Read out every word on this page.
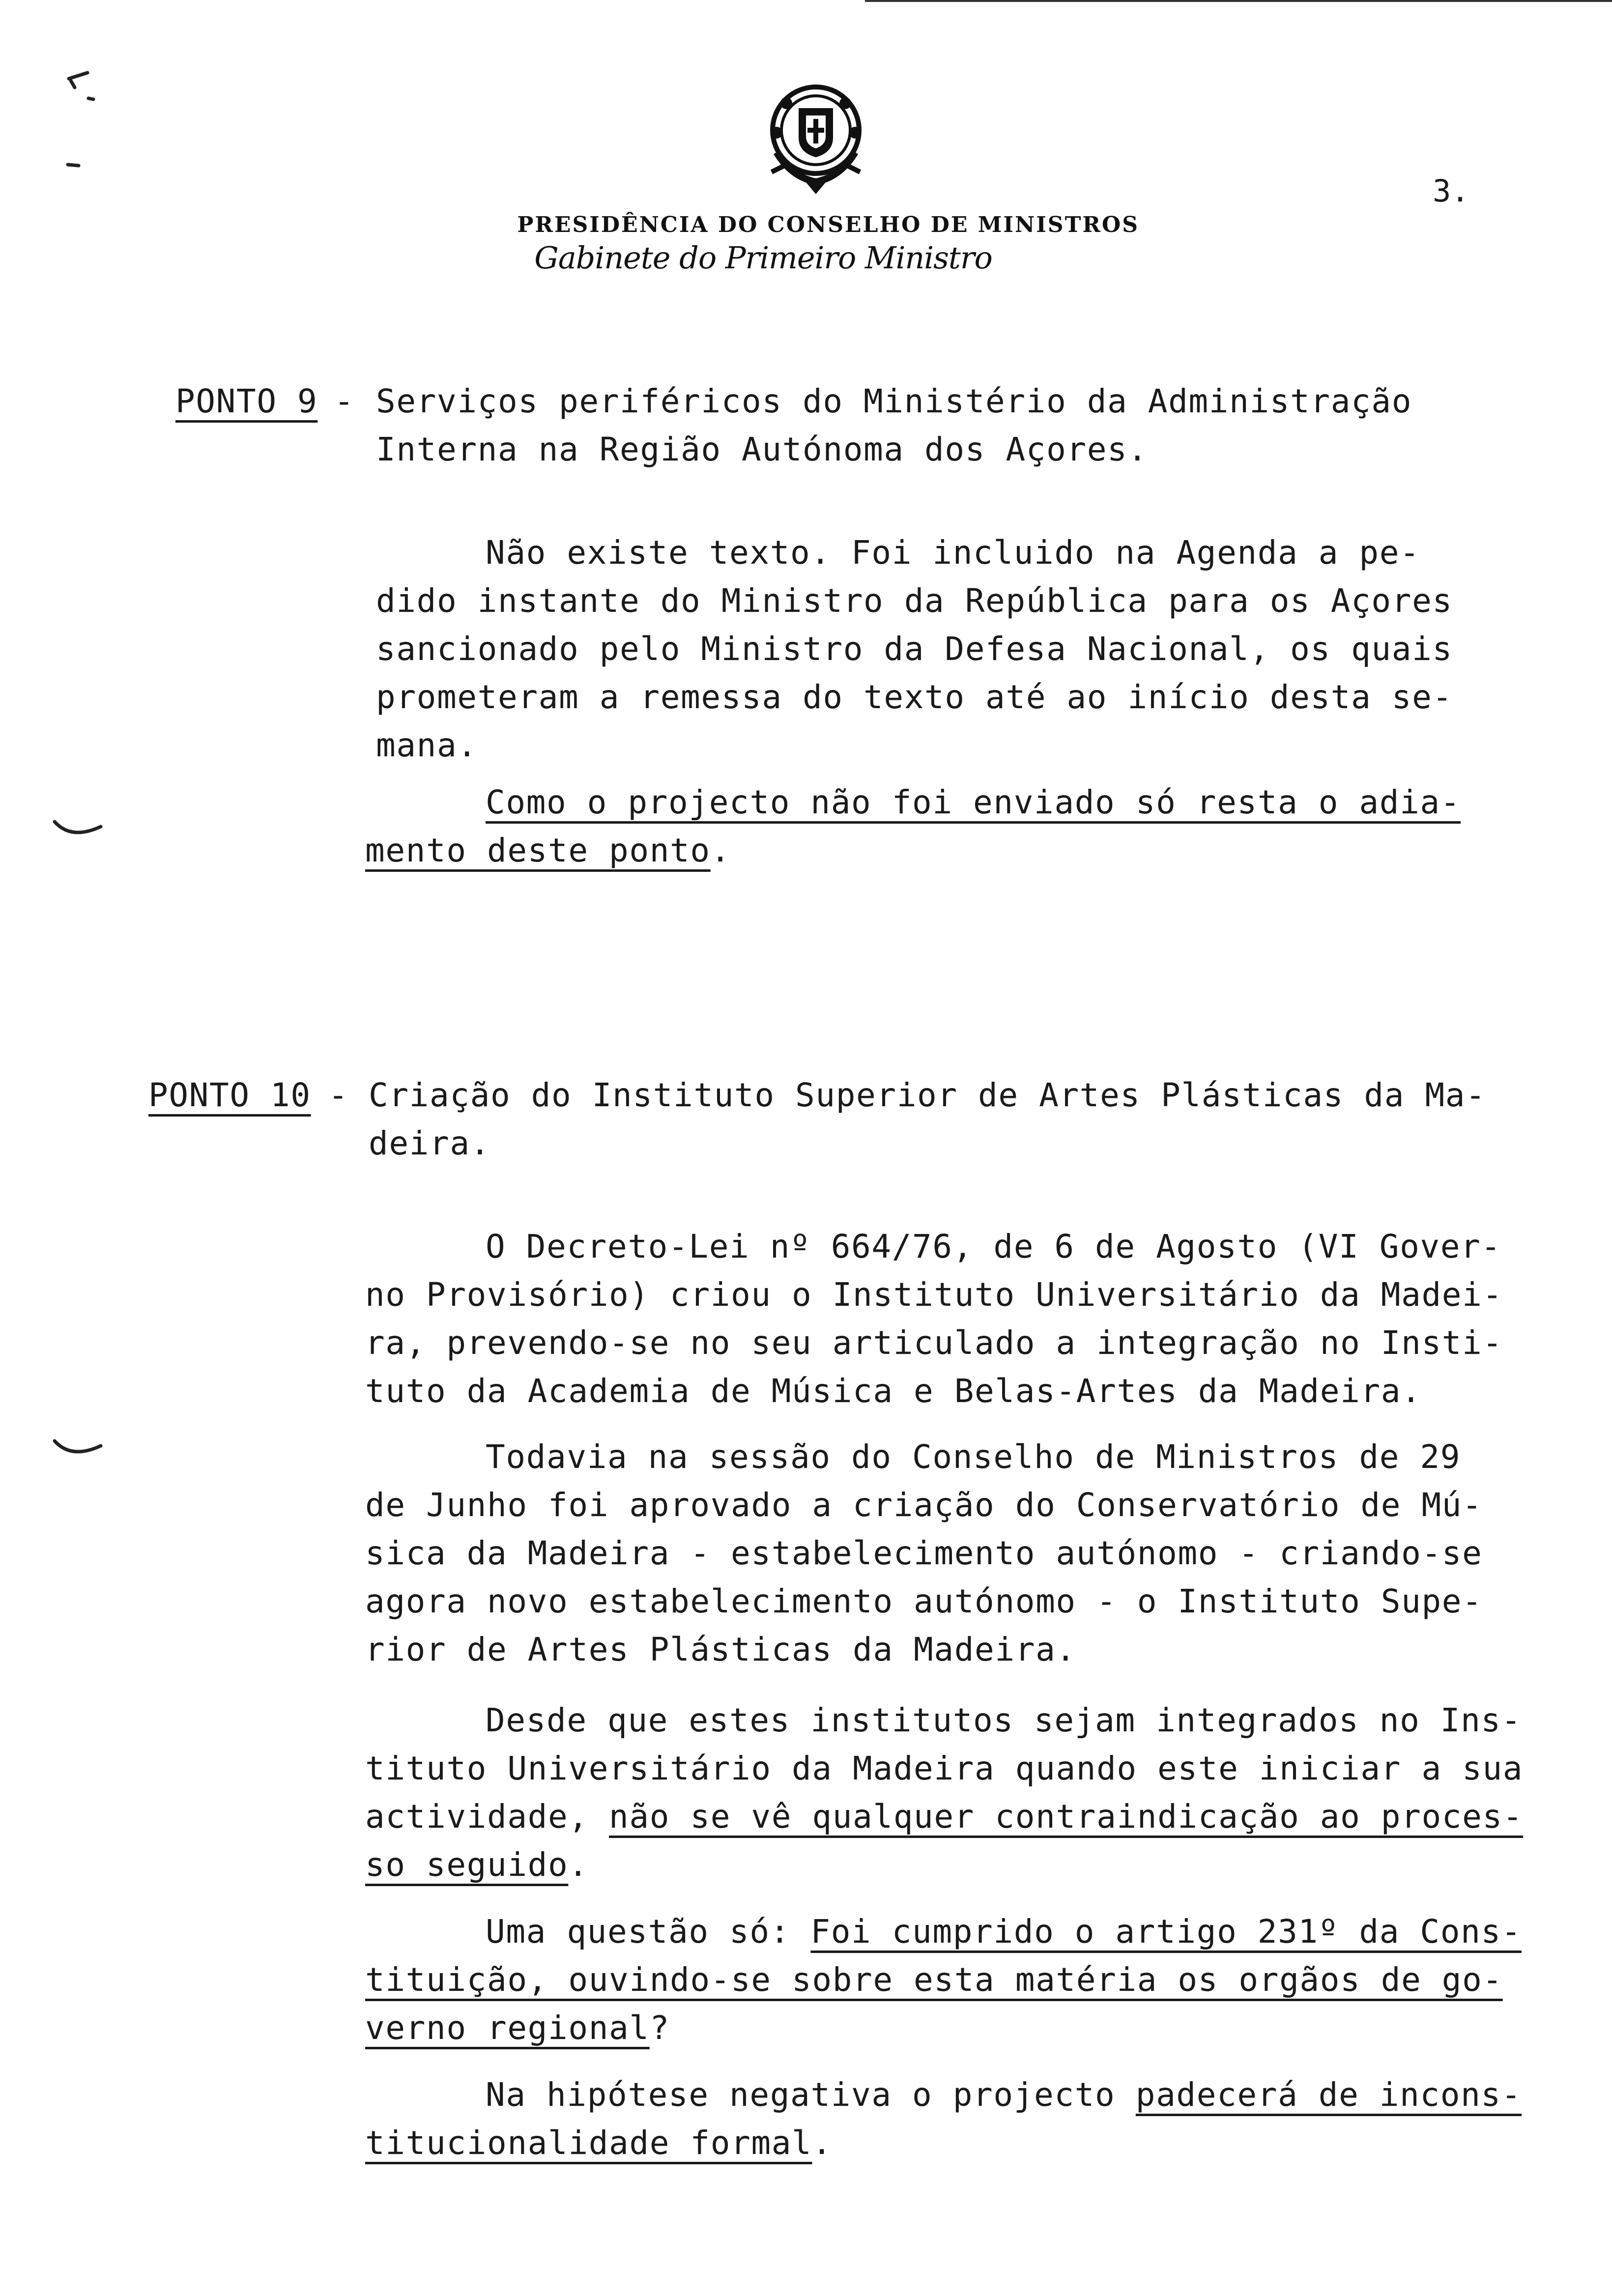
PRESIDÊNCIA DO CONSELHO DE MINISTROS
Gabinete do Primeiro Ministro
3.
PONTO 9 - Serviços periféricos do Ministério da Administração
Interna na Região Autónoma dos Açores.
Não existe texto. Foi incluido na Agenda a pe-
dido instante do Ministro da República para os Açores
sancionado pelo Ministro da Defesa Nacional, os quais
prometeram a remessa do texto até ao início desta se-
mana.
Como o projecto não foi enviado só resta o adia-
mento deste ponto.
PONTO 10 - Criação do Instituto Superior de Artes Plásticas da Ma-
deira.
O Decreto-Lei nº 664/76, de 6 de Agosto (VI Gover-
no Provisório) criou o Instituto Universitário da Madei-
ra, prevendo-se no seu articulado a integração no Insti-
tuto da Academia de Música e Belas-Artes da Madeira.
Todavia na sessão do Conselho de Ministros de 29
de Junho foi aprovado a criação do Conservatório de Mú-
sica da Madeira - estabelecimento autónomo - criando-se
agora novo estabelecimento autónomo - o Instituto Supe-
rior de Artes Plásticas da Madeira.
Desde que estes institutos sejam integrados no Ins-
tituto Universitário da Madeira quando este iniciar a sua
actividade, não se vê qualquer contraindicação ao proces-
so seguido.
Uma questão só: Foi cumprido o artigo 231º da Cons-
tituição, ouvindo-se sobre esta matéria os orgãos de go-
verno regional?
Na hipótese negativa o projecto padecerá de incons-
titucionalidade formal.
